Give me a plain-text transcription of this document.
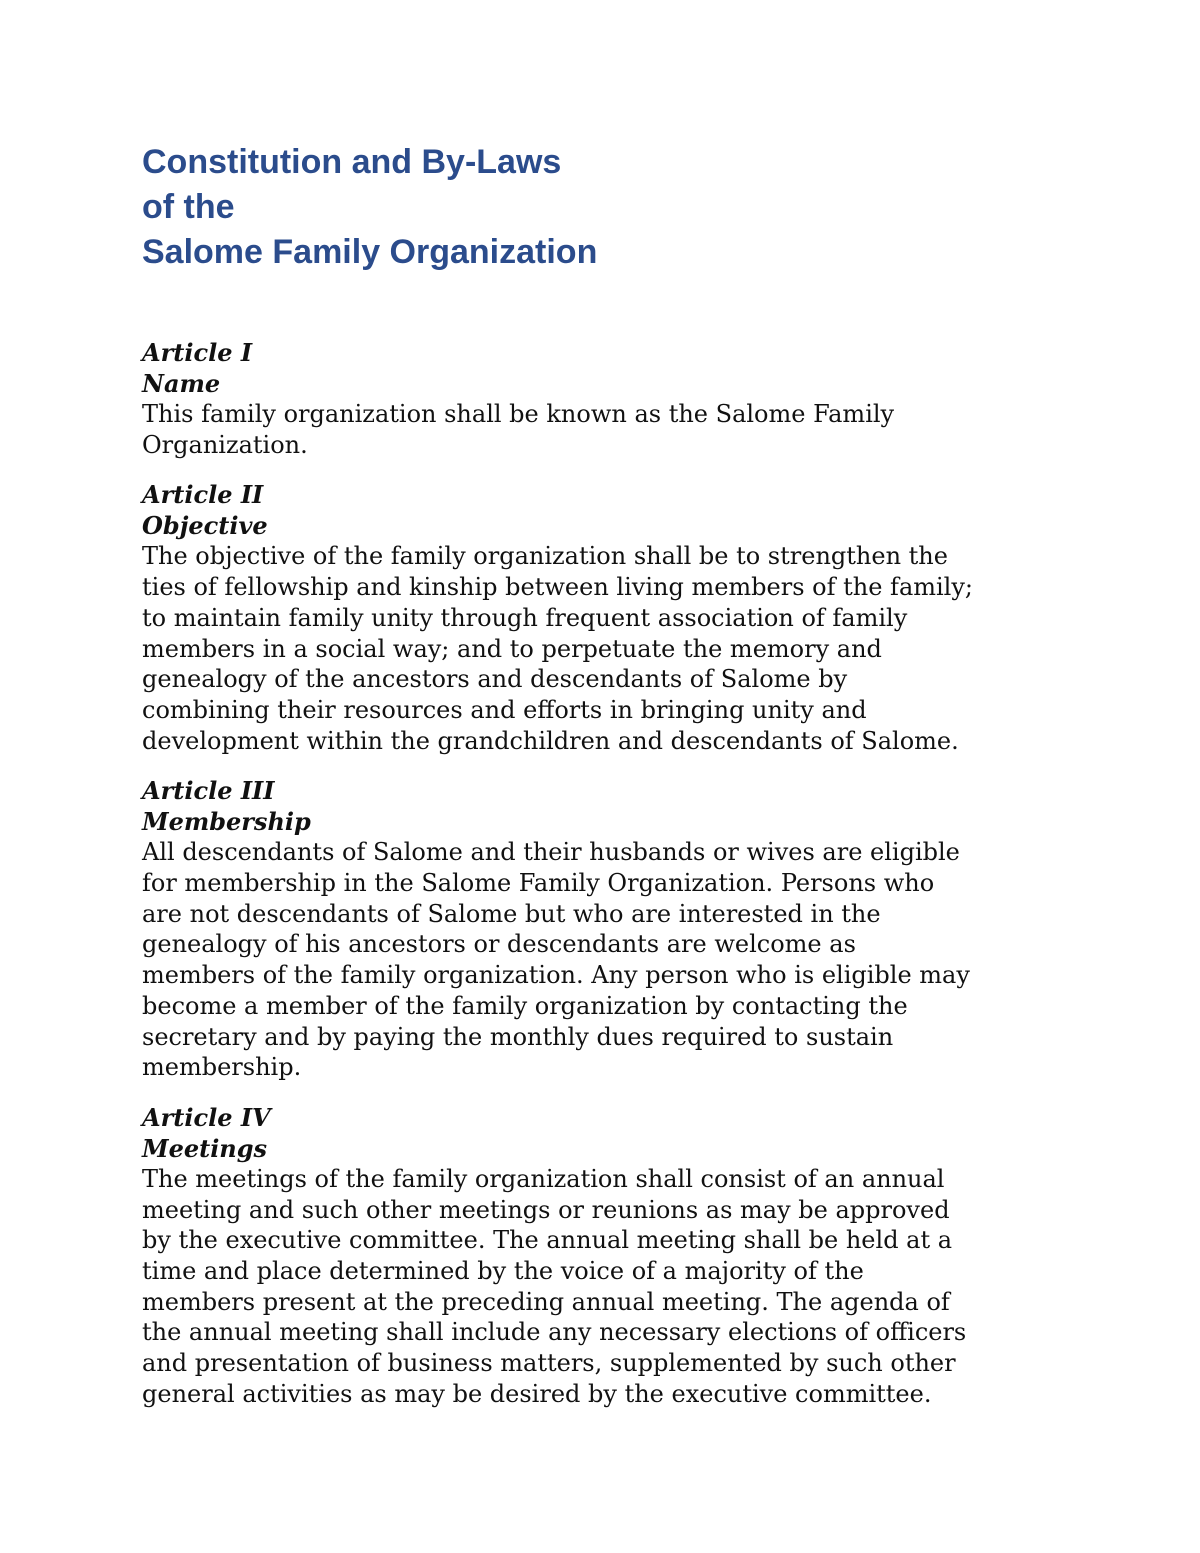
Constitution and By-Laws
of the
Salome Family Organization
Article I
Name
This family organization shall be known as the Salome Family
Organization.
Article II
Objective
The objective of the family organization shall be to strengthen the
ties of fellowship and kinship between living members of the family;
to maintain family unity through frequent association of family
members in a social way; and to perpetuate the memory and
genealogy of the ancestors and descendants of Salome by
combining their resources and efforts in bringing unity and
development within the grandchildren and descendants of Salome.
Article III
Membership
All descendants of Salome and their husbands or wives are eligible
for membership in the Salome Family Organization. Persons who
are not descendants of Salome but who are interested in the
genealogy of his ancestors or descendants are welcome as
members of the family organization. Any person who is eligible may
become a member of the family organization by contacting the
secretary and by paying the monthly dues required to sustain
membership.
Article IV
Meetings
The meetings of the family organization shall consist of an annual
meeting and such other meetings or reunions as may be approved
by the executive committee. The annual meeting shall be held at a
time and place determined by the voice of a majority of the
members present at the preceding annual meeting. The agenda of
the annual meeting shall include any necessary elections of officers
and presentation of business matters, supplemented by such other
general activities as may be desired by the executive committee.
